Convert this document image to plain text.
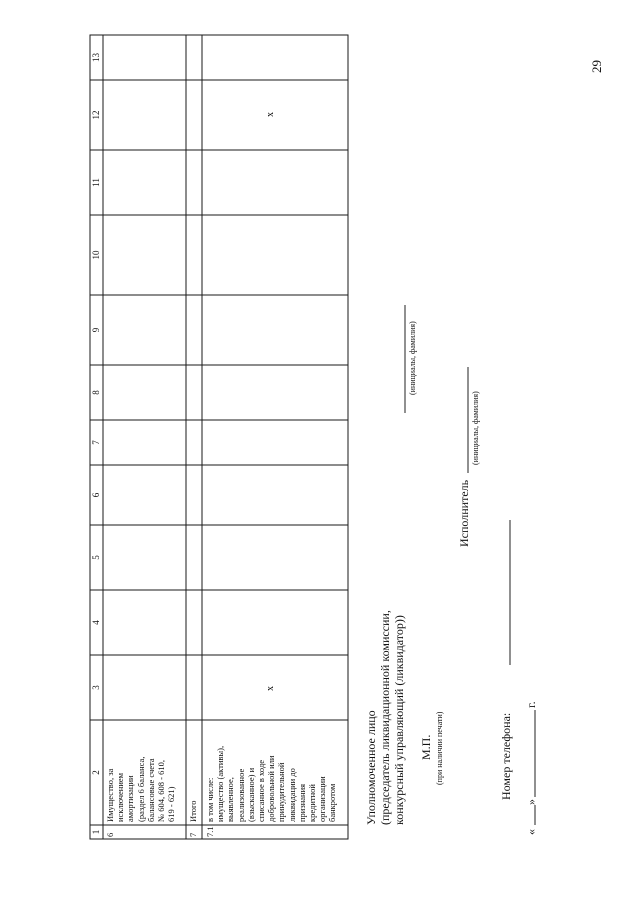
29
1
2
3
4
5
6
7
8
9
10
11
12
13
6
Имущество, за исключением амортизации (раздел 6 баланса, балансовые счета № 604, 608 - 610, 619 - 621)
7
Итого
7.1
в том числе: имущество (активы), выявленное, реализованное (взысканное) и списанное в ходе добровольной или принудительной ликвидации до признания кредитной организации банкротом
x
x
Уполномоченное лицо (председатель ликвидационной комиссии, конкурсный управляющий (ликвидатор))
(инициалы, фамилия)
М.П. (при наличии печати)
Исполнитель
(инициалы, фамилия)
Номер телефона:
«
»
г.
